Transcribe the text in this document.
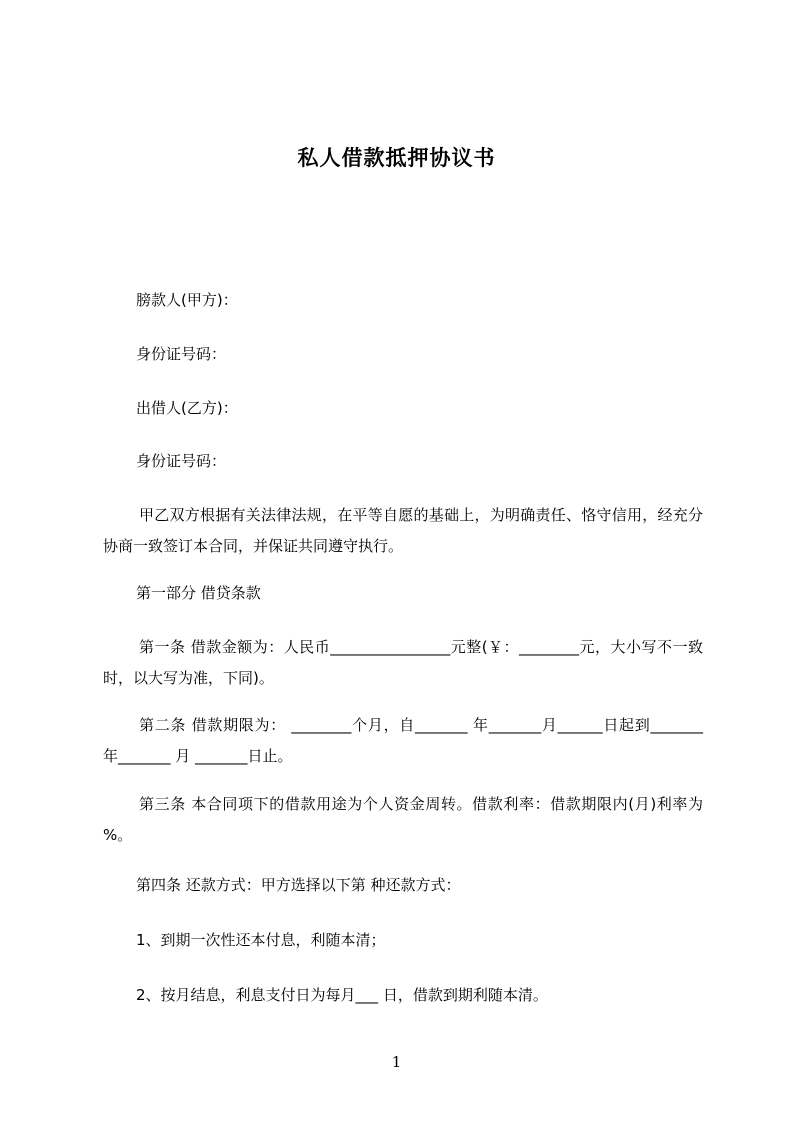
私人借款抵押协议书
膀款人(甲方)：
身份证号码：
出借人(乙方)：
身份证号码：
甲乙双方根据有关法律法规，在平等自愿的基础上，为明确责任、恪守信用，经充分协商一致签订本合同，并保证共同遵守执行。
第一部分 借贷条款
第一条 借款金额为：人民币________________元整(￥：________元，大小写不一致时，以大写为准，下同)。
第二条 借款期限为： ________个月，自_______ 年_______月______日起到_______ 年_______ 月 _______日止。
第三条 本合同项下的借款用途为个人资金周转。借款利率：借款期限内(月)利率为 %。
第四条 还款方式：甲方选择以下第 种还款方式：
1、到期一次性还本付息，利随本清；
2、按月结息，利息支付日为每月___ 日，借款到期利随本清。
1
